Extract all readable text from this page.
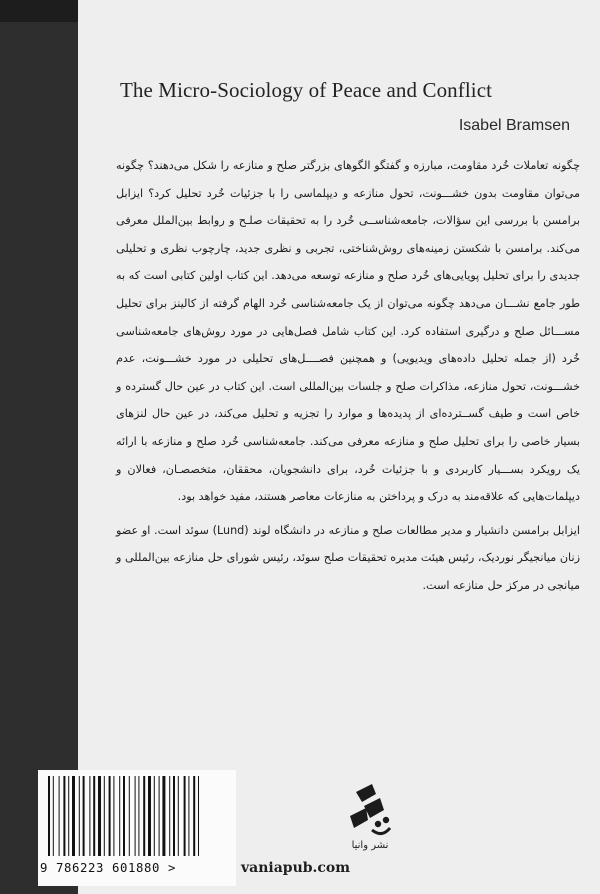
The Micro-Sociology of Peace and Conflict
Isabel Bramsen

چگونه تعاملات خُرد مقاومت، مبارزه و گفتگو الگوهای بزرگتر صلح و منازعه را شکل می‌دهند؟ چگونه می‌توان مقاومت بدون خشـــونت، تحول منازعه و دیپلماسی را با جزئیات خُرد تحلیل کرد؟ ایزابل برامسن با بررسی این سؤالات، جامعه‌شناســی خُرد را به تحقیقات صلـح و روابط بین‌الملل معرفی می‌کند. برامسن با شکستن زمینه‌های روش‌شناختی، تجربی و نظری جدید، چارچوب نظری و تحلیلی جدیدی را برای تحلیل پویایی‌های خُرد صلح و منازعه توسعه می‌دهد. این کتاب اولین کتابی است که به طور جامع نشـــان می‌دهد چگونه می‌توان از یک جامعه‌شناسی خُرد الهام گرفته از کالینز برای تحلیل مســـائل صلح و درگیری استفاده کرد. این کتاب شامل فصل‌هایی در مورد روش‌های جامعه‌شناسی خُرد (از جمله تحلیل داده‌های ویدیویی) و همچنین فصــــل‌های تحلیلی در مورد خشـــونت، عدم خشـــونت، تحول منازعه، مذاکرات صلح و جلسات بین‌المللی است. این کتاب در عین حال گسترده و خاص است و طیف گســترده‌ای از پدیده‌ها و موارد را تجزیه و تحلیل می‌کند، در عین حال لنزهای بسیار خاصی را برای تحلیل صلح و منازعه معرفی می‌کند. جامعه‌شناسی خُرد صلح و منازعه با ارائه یک رویکرد بســـیار کاربردی و با جزئیات خُرد، برای دانشجویان، محققان، متخصصـان، فعالان و دیپلمات‌هایی که علاقه‌مند به درک و پرداختن به منازعات معاصر هستند، مفید خواهد بود.

ایزابل برامسن دانشیار و مدیر مطالعات صلح و منازعه در دانشگاه لوند (Lund) سوئد است. او عضو زنان میانجیگر نوردیک، رئیس هیئت مدیره تحقیقات صلح سوئد، رئیس شورای حل منازعه بین‌المللی و میانجی در مرکز حل منازعه است.

9 786223 601880 >
نشر وانیا
vaniapub.com
